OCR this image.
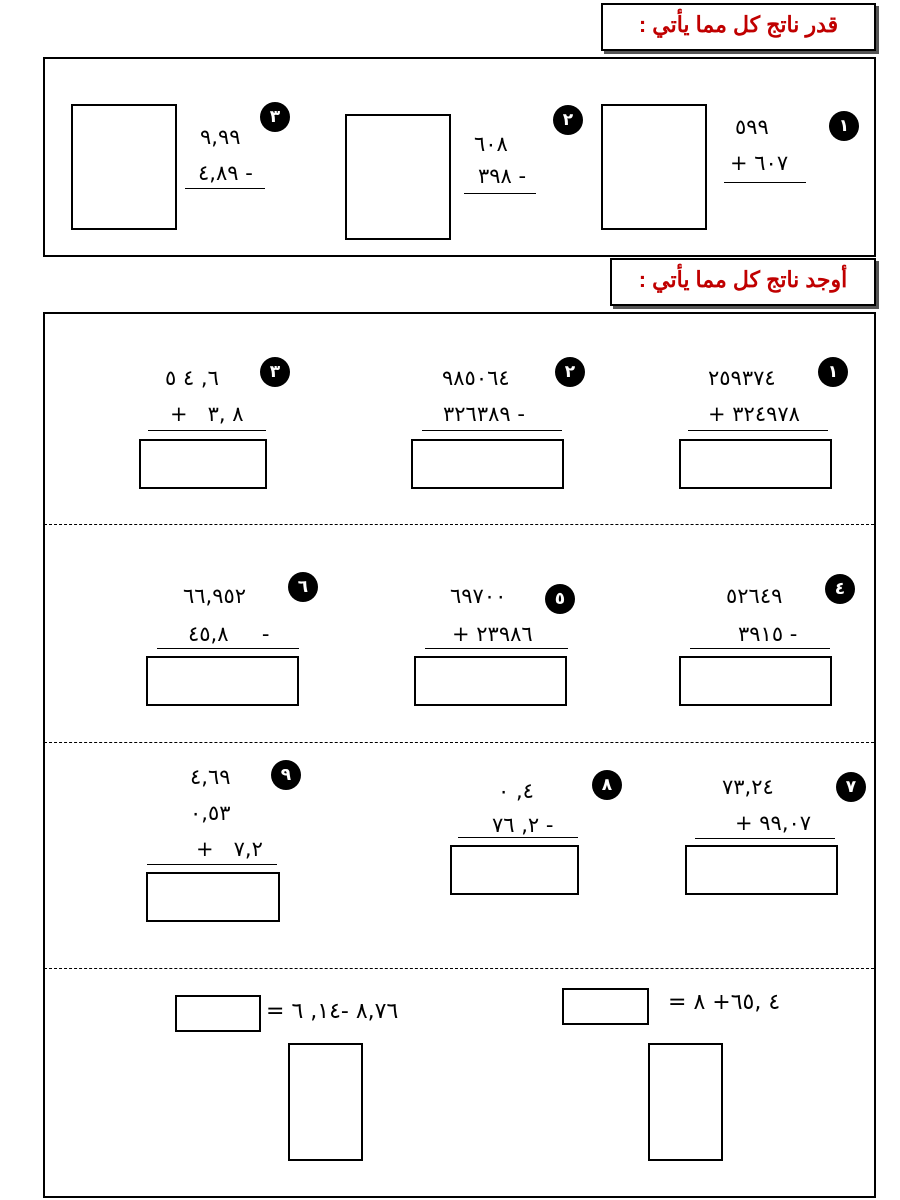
قدر ناتج كل مما يأتي :
١
٥٩٩
+ ٦٠٧
٢
٦٠٨
٣٩٨ -
٣
٩,٩٩
٤,٨٩ -
أوجد ناتج كل مما يأتي :
١
٢٥٩٣٧٤
+ ٣٢٤٩٧٨
٢
٩٨٥٠٦٤
٣٢٦٣٨٩ -
٣
٦, ٤ ٥
+   ٨ ,٣
٤
٥٢٦٤٩
٣٩١٥ -
٥
٦٩٧٠٠
+ ٢٣٩٨٦
٦
٦٦,٩٥٢
٤٥,٨     -
٧
٧٣,٢٤
+ ٩٩,٠٧
٨
٤, ٠
٢, ٧٦ -
٩
٤,٦٩
٠,٥٣
+   ٧,٢
= ٤ ,٦٥+ ٨
= ٨,٧٦ -١٤, ٦
